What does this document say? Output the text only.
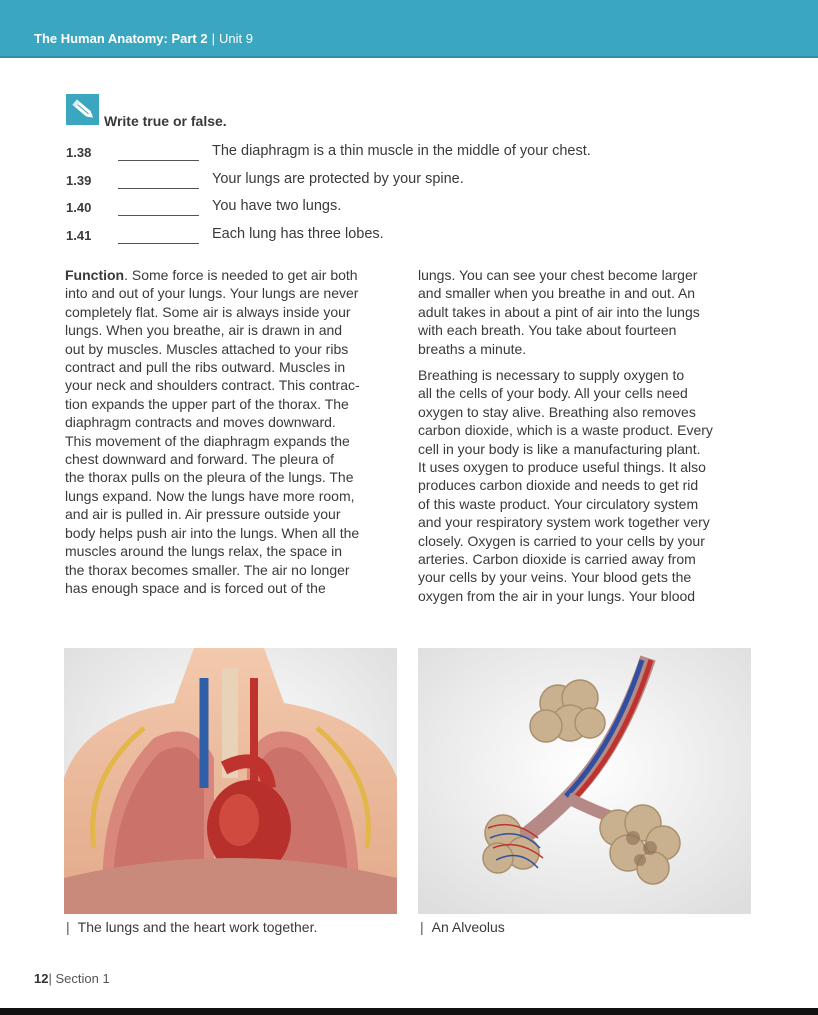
The Human Anatomy: Part 2 | Unit 9
Write true or false.
1.38	The diaphragm is a thin muscle in the middle of your chest.
1.39	Your lungs are protected by your spine.
1.40	You have two lungs.
1.41	Each lung has three lobes.
Function. Some force is needed to get air both
into and out of your lungs. Your lungs are never
completely flat. Some air is always inside your
lungs. When you breathe, air is drawn in and
out by muscles. Muscles attached to your ribs
contract and pull the ribs outward. Muscles in
your neck and shoulders contract. This contrac-
tion expands the upper part of the thorax. The
diaphragm contracts and moves downward.
This movement of the diaphragm expands the
chest downward and forward. The pleura of
the thorax pulls on the pleura of the lungs. The
lungs expand. Now the lungs have more room,
and air is pulled in. Air pressure outside your
body helps push air into the lungs. When all the
muscles around the lungs relax, the space in
the thorax becomes smaller. The air no longer
has enough space and is forced out of the
lungs. You can see your chest become larger
and smaller when you breathe in and out. An
adult takes in about a pint of air into the lungs
with each breath. You take about fourteen
breaths a minute.
Breathing is necessary to supply oxygen to
all the cells of your body. All your cells need
oxygen to stay alive. Breathing also removes
carbon dioxide, which is a waste product. Every
cell in your body is like a manufacturing plant.
It uses oxygen to produce useful things. It also
produces carbon dioxide and needs to get rid
of this waste product. Your circulatory system
and your respiratory system work together very
closely. Oxygen is carried to your cells by your
arteries. Carbon dioxide is carried away from
your cells by your veins. Your blood gets the
oxygen from the air in your lungs. Your blood
| The lungs and the heart work together.	| An Alveolus
12| Section 1
